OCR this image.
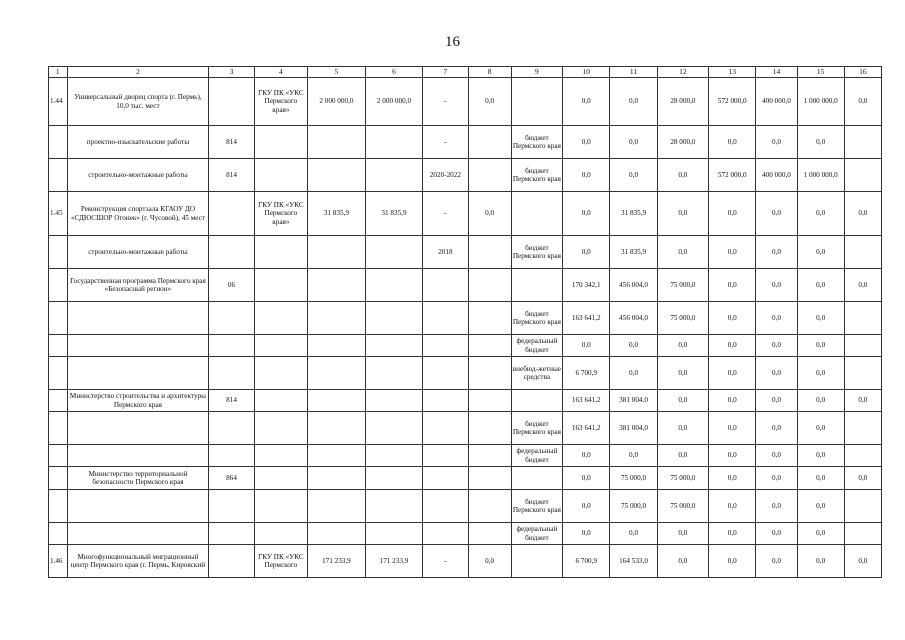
16
1	2	3	4	5	6	7	8	9	10	11	12	13	14	15	16
1.44	Универсальный дворец спорта (г. Пермь), 10,0 тыс. мест		ГКУ ПК «УКС Пермского края»	2 000 000,0	2 000 000,0	-	0,0		0,0	0,0	28 000,0	572 000,0	400 000,0	1 000 000,0	0,0
	проектно-изыскательские работы	814				-		бюджет Пермского края	0,0	0,0	28 000,0	0,0	0,0	0,0	
	строительно-монтажные работы	814				2020-2022		бюджет Пермского края	0,0	0,0	0,0	572 000,0	400 000,0	1 000 000,0	
1.45	Реконструкция спортзала КГАОУ ДО «СДЮСШОР Огонек» (г. Чусовой), 45 мест		ГКУ ПК «УКС Пермского края»	31 835,9	31 835,9	-	0,0		0,0	31 835,9	0,0	0,0	0,0	0,0	0,0
	строительно-монтажные работы					2018		бюджет Пермского края	0,0	31 835,9	0,0	0,0	0,0	0,0	
	Государственная программа Пермского края «Безопасный регион»	06							170 342,1	456 004,0	75 000,0	0,0	0,0	0,0	0,0
								бюджет Пермского края	163 641,2	456 004,0	75 000,0	0,0	0,0	0,0	
								федеральный бюджет	0,0	0,0	0,0	0,0	0,0	0,0	
								внебюд-жетные средства	6 700,9	0,0	0,0	0,0	0,0	0,0	
	Министерство строительства и архитектуры Пермского края	814							163 641,2	381 004,0	0,0	0,0	0,0	0,0	0,0
								бюджет Пермского края	163 641,2	381 004,0	0,0	0,0	0,0	0,0	
								федеральный бюджет	0,0	0,0	0,0	0,0	0,0	0,0	
	Министерство территориальной безопасности Пермского края	864							0,0	75 000,0	75 000,0	0,0	0,0	0,0	0,0
								бюджет Пермского края	0,0	75 000,0	75 000,0	0,0	0,0	0,0	
								федеральный бюджет	0,0	0,0	0,0	0,0	0,0	0,0	
1.46	Многофункциональный миграционный центр Пермского края (г. Пермь, Кировский		ГКУ ПК «УКС Пермского	171 233,9	171 233,9	-	0,0		6 700,9	164 533,0	0,0	0,0	0,0	0,0	0,0
